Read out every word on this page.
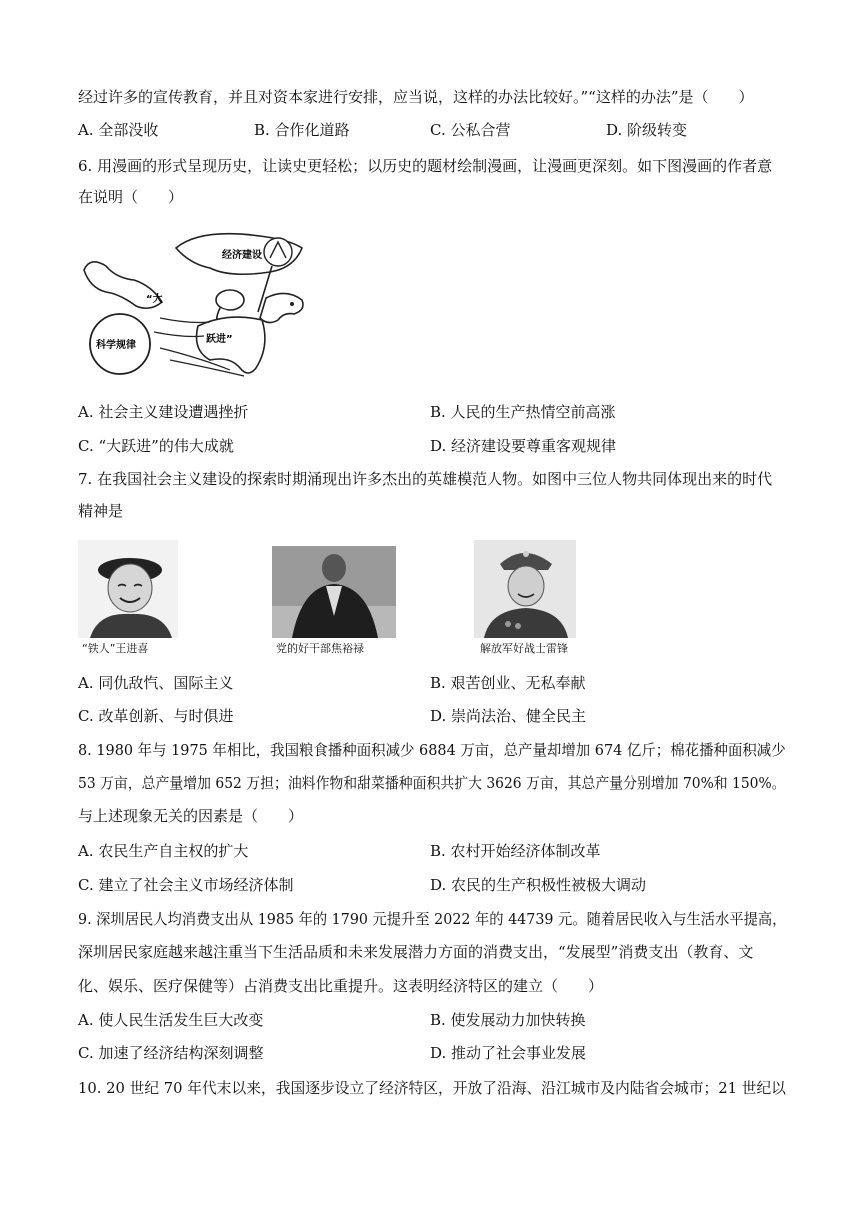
经过许多的宣传教育，并且对资本家进行安排，应当说，这样的办法比较好。”“这样的办法”是（　　）
A. 全部没收	B. 合作化道路	C. 公私合营	D. 阶级转变
6. 用漫画的形式呈现历史，让读史更轻松；以历史的题材绘制漫画，让漫画更深刻。如下图漫画的作者意
在说明（　　）
经济建设
跃进”
“大
科学规律
A. 社会主义建设遭遇挫折	B. 人民的生产热情空前高涨
C. “大跃进”的伟大成就	D. 经济建设要尊重客观规律
7. 在我国社会主义建设的探索时期涌现出许多杰出的英雄模范人物。如图中三位人物共同体现出来的时代
精神是
“铁人”王进喜	党的好干部焦裕禄	解放军好战士雷锋
A. 同仇敌忾、国际主义	B. 艰苦创业、无私奉献
C. 改革创新、与时俱进	D. 崇尚法治、健全民主
8. 1980 年与 1975 年相比，我国粮食播种面积减少 6884 万亩，总产量却增加 674 亿斤；棉花播种面积减少
53 万亩，总产量增加 652 万担；油料作物和甜菜播种面积共扩大 3626 万亩，其总产量分别增加 70%和 150%。
与上述现象无关的因素是（　　）
A. 农民生产自主权的扩大	B. 农村开始经济体制改革
C. 建立了社会主义市场经济体制	D. 农民的生产积极性被极大调动
9. 深圳居民人均消费支出从 1985 年的 1790 元提升至 2022 年的 44739 元。随着居民收入与生活水平提高，
深圳居民家庭越来越注重当下生活品质和未来发展潜力方面的消费支出，“发展型”消费支出（教育、文
化、娱乐、医疗保健等）占消费支出比重提升。这表明经济特区的建立（　　）
A. 使人民生活发生巨大改变	B. 使发展动力加快转换
C. 加速了经济结构深刻调整	D. 推动了社会事业发展
10. 20 世纪 70 年代末以来，我国逐步设立了经济特区，开放了沿海、沿江城市及内陆省会城市；21 世纪以
